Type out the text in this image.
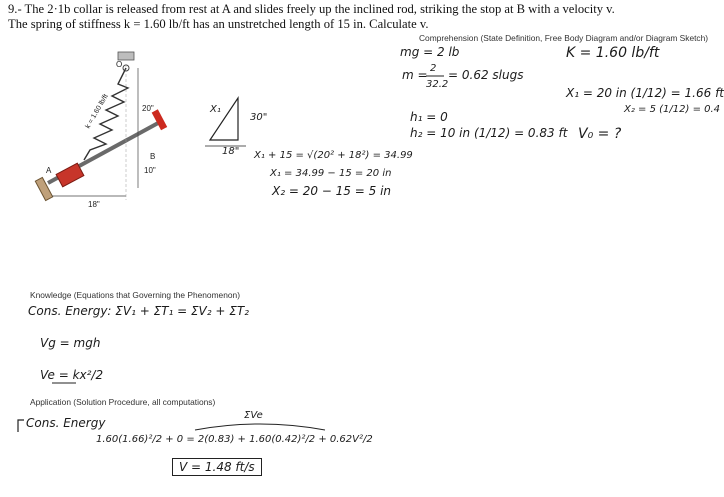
9.- The 2·1b collar is released from rest at A and slides freely up the inclined rod, striking the stop at B with a velocity v.
The spring of stiffness k = 1.60 lb/ft has an unstretched length of 15 in. Calculate v.
O
k = 1.60 lb/ft	20"
B
10"
A
18"
X₁
30"
18" X₁ + 15 = √(20² + 18²) = 34.99
X₁ = 34.99 − 15 = 20 in
X₂ = 20 − 15 = 5 in
Comprehension (State Definition, Free Body Diagram and/or Diagram Sketch)
mg = 2 lb
m = 2
32.2
= 0.62 slugs
h₁ = 0
h₂ = 10 in (1/12) = 0.83 ft
K = 1.60 lb/ft
X₁ = 20 in (1/12) = 1.66 ft
X₂ = 5 (1/12) = 0.4
V₀ = ?
Knowledge (Equations that Governing the Phenomenon)
Cons. Energy: ΣV₁ + ΣT₁ = ΣV₂ + ΣT₂
Vg = mgh
Ve = kx²/2
Application (Solution Procedure, all computations)
ΣVe
Cons. Energy
1.60(1.66)²/2 + 0 = 2(0.83) + 1.60(0.42)²/2 + 0.62V²/2
V = 1.48 ft/s
